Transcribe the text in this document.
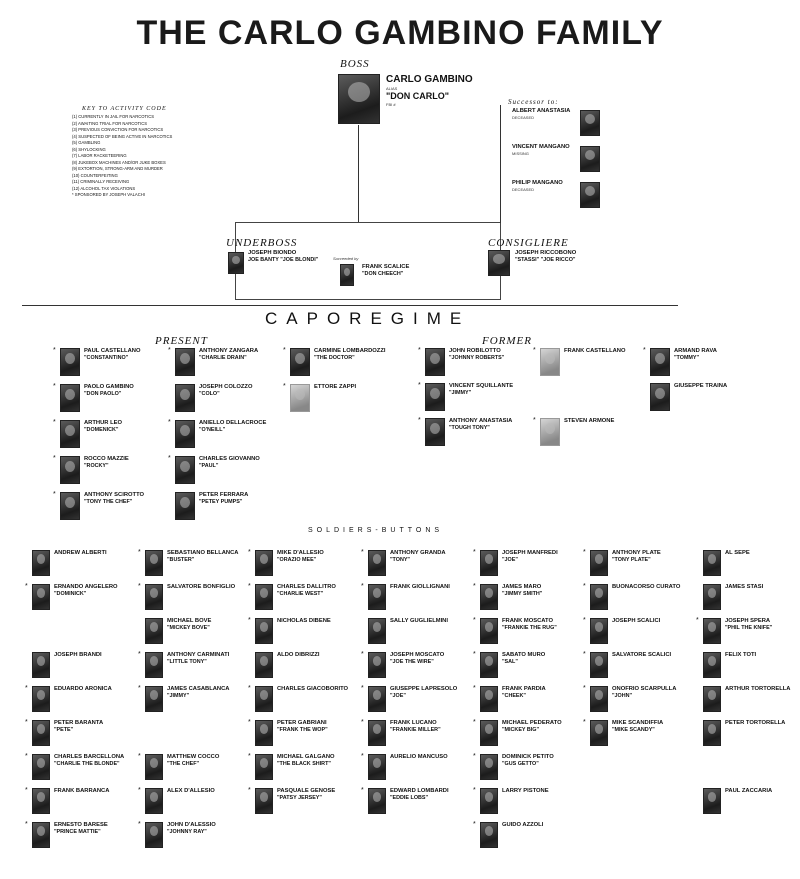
THE CARLO GAMBINO FAMILY
BOSS
CARLO GAMBINO
ALIAS
"DON CARLO"
FBI #	Successor to:
ALBERT ANASTASIA
DECEASED
VINCENT MANGANO
MISSING
PHILIP MANGANO
DECEASED
KEY TO ACTIVITY CODE
(1) CURRENTLY IN JAIL FOR NARCOTICS
(2) AWAITING TRIAL FOR NARCOTICS
(3) PREVIOUS CONVICTION FOR NARCOTICS
(4) SUSPECTED OF BEING ACTIVE IN NARCOTICS
(5) GAMBLING
(6) SHYLOCKING
(7) LABOR RACKETEERING
(8) JUKEBOX MACHINES AND/OR JUKE BOXES
(9) EXTORTION, STRONG-ARM AND MURDER
(10) COUNTERFEITING
(11) CRIMINALLY RECEIVING
(12) ALCOHOL TAX VIOLATIONS
* SPONSORED BY JOSEPH VALACHI
UNDERBOSS	CONSIGLIERE
JOSEPH BIONDO
JOE BANTY "JOE BLONDI"	Succeeded by
FRANK SCALICE
"DON CHEECH"
JOSEPH RICCOBONO
"STASSI" "JOE RICCO"
CAPOREGIME
PRESENT	FORMER
*	PAUL CASTELLANO
"CONSTANTINO"
*	PAOLO GAMBINO
"DON PAOLO"
*	ARTHUR LEO
"DOMENICK"
*	ROCCO MAZZIE
"ROCKY"
*	ANTHONY SCIROTTO
"TONY THE CHEF"
*	ANTHONY ZANGARA
"CHARLIE DRAIN"
JOSEPH COLOZZO
"COLO"
*	ANIELLO DELLACROCE
"O'NEILL"
*	CHARLES GIOVANNO
"PAUL"
PETER FERRARA
"PETEY PUMPS"
*	CARMINE LOMBARDOZZI
"THE DOCTOR"
*	ETTORE ZAPPI
*	JOHN ROBILOTTO
"JOHNNY ROBERTS"
*	VINCENT SQUILLANTE
"JIMMY"
*	ANTHONY ANASTASIA
"TOUGH TONY"
*	FRANK CASTELLANO
*	STEVEN ARMONE
*	ARMAND RAVA
"TOMMY"
GIUSEPPE TRAINA
SOLDIERS-BUTTONS
ANDREW ALBERTI
*	ERNANDO ANGELERO
"DOMINICK"
JOSEPH BRANDI
*	EDUARDO ARONICA
*	PETER BARANTA
"PETE"
*	CHARLES BARCELLONA
"CHARLIE THE BLONDE"
*	FRANK BARRANCA
*	ERNESTO BARESE
"PRINCE MATTIE"
*	SEBASTIANO BELLANCA
"BUSTER"
*	SALVATORE BONFIGLIO
MICHAEL BOVE
"MICKEY BOVE"
*	ANTHONY CARMINATI
"LITTLE TONY"
*	JAMES CASABLANCA
"JIMMY"
*	MATTHEW COCCO
"THE CHEF"
*	ALEX D'ALLESIO
*	JOHN D'ALESSIO
"JOHNNY RAY"
*	MIKE D'ALLESIO
"ORAZIO MEE"
*	CHARLES DALLITRO
"CHARLIE WEST"
*	NICHOLAS DIBENE
ALDO DIBRIZZI
*	CHARLES GIACOBORITO
*	PETER GABRIANI
"FRANK THE WOP"
*	MICHAEL GALGANO
"THE BLACK SHIRT"
*	PASQUALE GENOSE
"PATSY JERSEY"
*	ANTHONY GRANDA
"TONY"
*	FRANK GIOLLIGNANI
SALLY GUGLIELMINI
*	JOSEPH MOSCATO
"JOE THE WIRE"
*	GIUSEPPE LAPRESOLO
"JOE"
*	FRANK LUCANO
"FRANKIE MILLER"
*	AURELIO MANCUSO
*	EDWARD LOMBARDI
"EDDIE LOBS"
*	JOSEPH MANFREDI
"JOE"
*	JAMES MARO
"JIMMY SMITH"
*	FRANK MOSCATO
"FRANKIE THE RUG"
*	SABATO MURO
"SAL"
*	FRANK PARDIA
"CHEEK"
*	MICHAEL PEDERATO
"MICKEY BIG"
*	DOMINICK PETITO
"GUS GETTO"
*	LARRY PISTONE
*	GUIDO AZZOLI
*	ANTHONY PLATE
"TONY PLATE"
*	BUONACORSO CURATO
*	JOSEPH SCALICI
*	SALVATORE SCALICI
*	ONOFRIO SCARPULLA
"JOHN"
*	MIKE SCANDIFFIA
"MIKE SCANDY"
AL SEPE
JAMES STASI
*	JOSEPH SPERA
"PHIL THE KNIFE"
FELIX TOTI
ARTHUR TORTORELLA
PETER TORTORELLA
PAUL ZACCARIA
